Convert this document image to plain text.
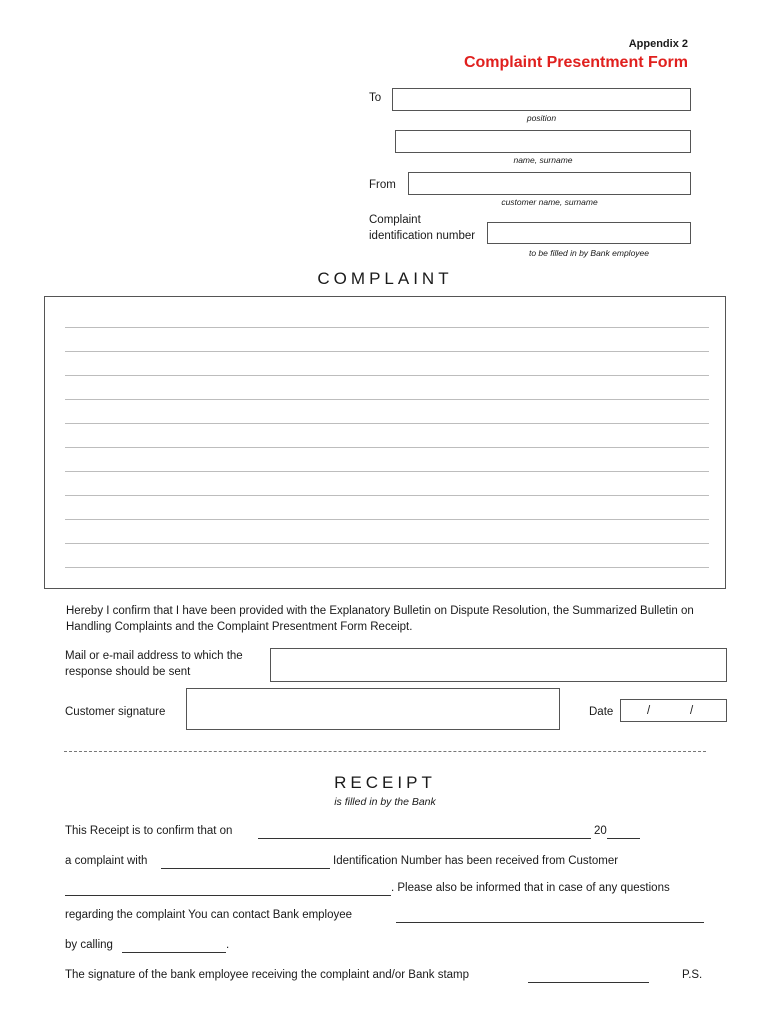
Appendix 2
Complaint Presentment Form
To
position
name, surname
From
customer name, surname
Complaint
identification number
to be filled in by Bank employee
COMPLAINT
Hereby I confirm that I have been provided with the Explanatory Bulletin on Dispute Resolution, the Summarized Bulletin on Handling Complaints and the Complaint Presentment Form Receipt.
Mail or e-mail address to which the
response should be sent
Customer signature	Date	/	/
RECEIPT
is filled in by the Bank
This Receipt is to confirm that on	20
a complaint with	Identification Number has been received from Customer
. Please also be informed that in case of any questions
regarding the complaint You can contact Bank employee
by calling	.
The signature of the bank employee receiving the complaint and/or Bank stamp	P.S.
